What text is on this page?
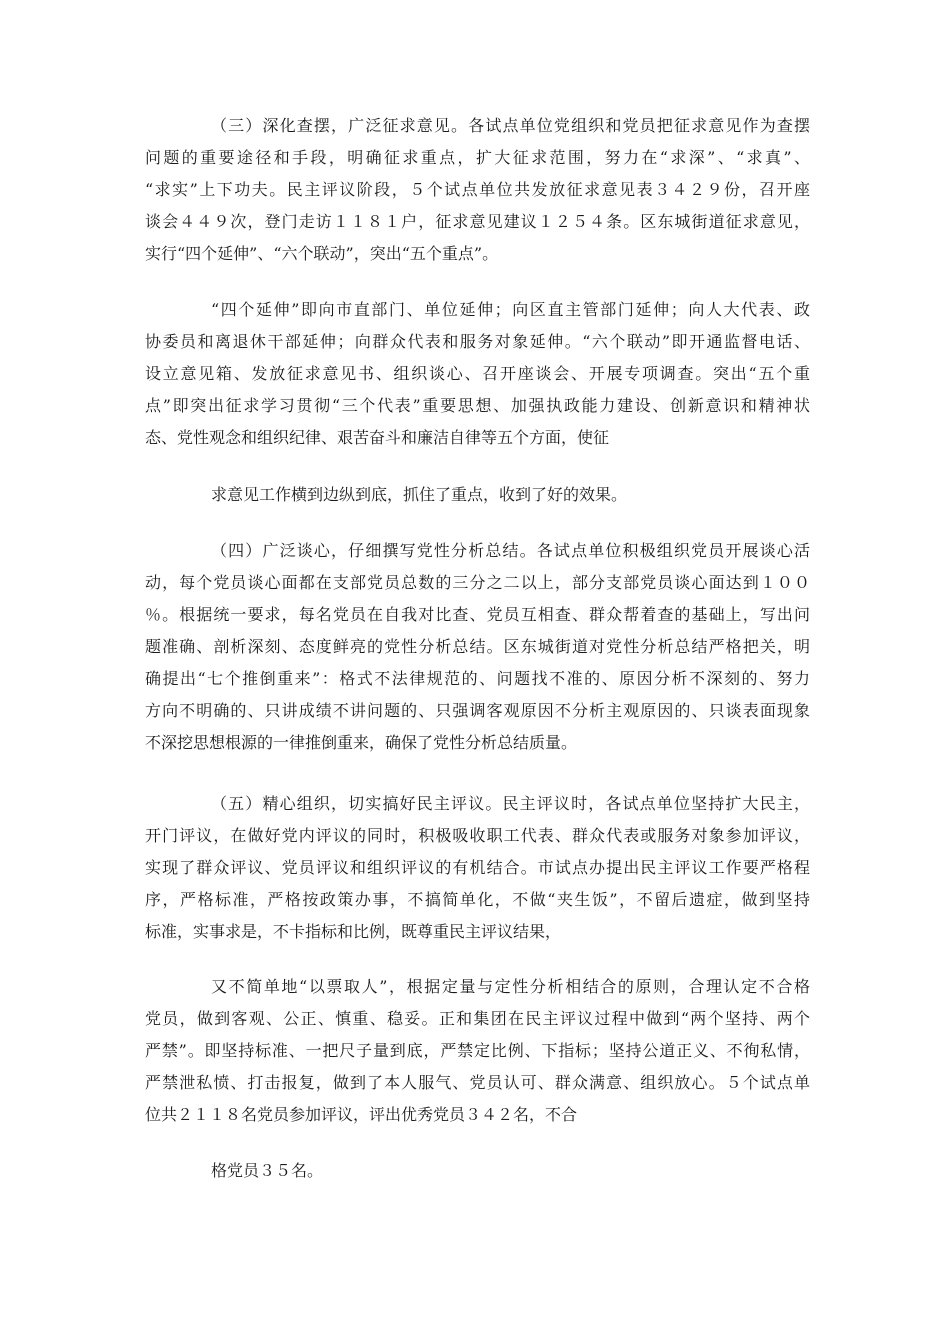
（三）深化查摆，广泛征求意见。各试点单位党组织和党员把征求意见作为查摆
问题的重要途径和手段，明确征求重点，扩大征求范围，努力在“求深”、“求真”、
“求实”上下功夫。民主评议阶段，５个试点单位共发放征求意见表３４２９份，召开座
谈会４４９次，登门走访１１８１户，征求意见建议１２５４条。区东城街道征求意见，
实行“四个延伸”、“六个联动”，突出“五个重点”。
“四个延伸”即向市直部门、单位延伸；向区直主管部门延伸；向人大代表、政
协委员和离退休干部延伸；向群众代表和服务对象延伸。“六个联动”即开通监督电话、
设立意见箱、发放征求意见书、组织谈心、召开座谈会、开展专项调查。突出“五个重
点”即突出征求学习贯彻“三个代表”重要思想、加强执政能力建设、创新意识和精神状
态、党性观念和组织纪律、艰苦奋斗和廉洁自律等五个方面，使征
求意见工作横到边纵到底，抓住了重点，收到了好的效果。
（四）广泛谈心，仔细撰写党性分析总结。各试点单位积极组织党员开展谈心活
动，每个党员谈心面都在支部党员总数的三分之二以上，部分支部党员谈心面达到１００
％。根据统一要求，每名党员在自我对比查、党员互相查、群众帮着查的基础上，写出问
题准确、剖析深刻、态度鲜亮的党性分析总结。区东城街道对党性分析总结严格把关，明
确提出“七个推倒重来”：格式不法律规范的、问题找不准的、原因分析不深刻的、努力
方向不明确的、只讲成绩不讲问题的、只强调客观原因不分析主观原因的、只谈表面现象
不深挖思想根源的一律推倒重来，确保了党性分析总结质量。
（五）精心组织，切实搞好民主评议。民主评议时，各试点单位坚持扩大民主，
开门评议，在做好党内评议的同时，积极吸收职工代表、群众代表或服务对象参加评议，
实现了群众评议、党员评议和组织评议的有机结合。市试点办提出民主评议工作要严格程
序，严格标准，严格按政策办事，不搞简单化，不做“夹生饭”，不留后遗症，做到坚持
标准，实事求是，不卡指标和比例，既尊重民主评议结果，
又不简单地“以票取人”，根据定量与定性分析相结合的原则，合理认定不合格
党员，做到客观、公正、慎重、稳妥。正和集团在民主评议过程中做到“两个坚持、两个
严禁”。即坚持标准、一把尺子量到底，严禁定比例、下指标；坚持公道正义、不徇私情，
严禁泄私愤、打击报复，做到了本人服气、党员认可、群众满意、组织放心。５个试点单
位共２１１８名党员参加评议，评出优秀党员３４２名，不合
格党员３５名。
